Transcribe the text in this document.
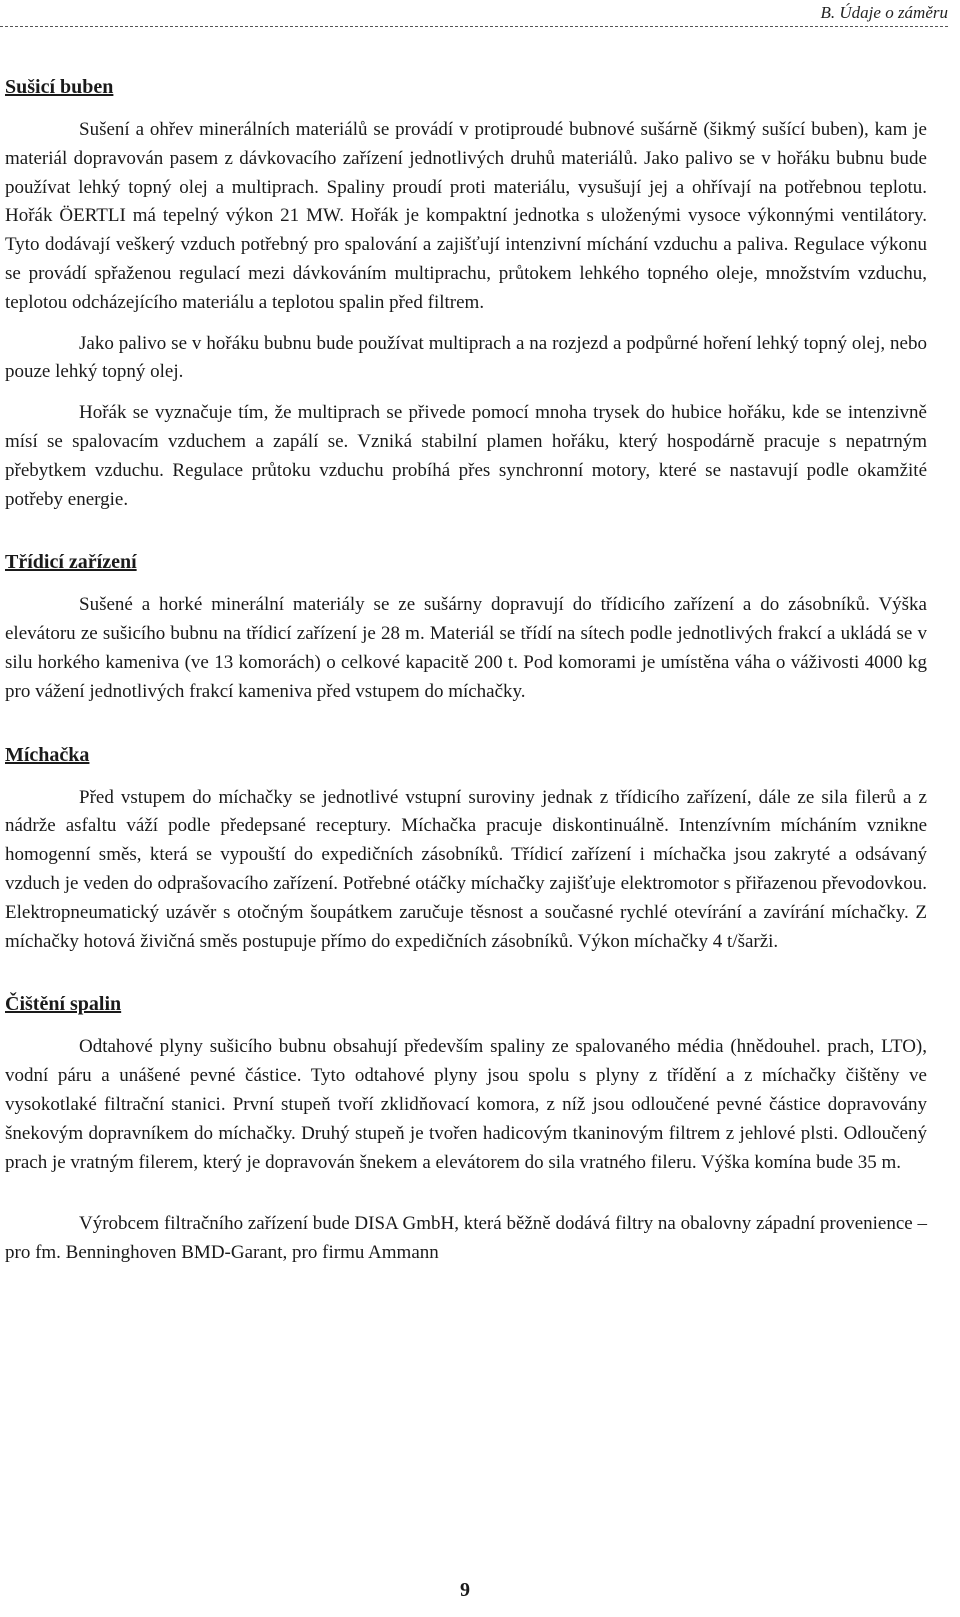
B. Údaje o záměru
Sušicí buben

Sušení a ohřev minerálních materiálů se provádí v protiproudé bubnové sušárně (šikmý sušící buben), kam je materiál dopravován pasem z dávkovacího zařízení jednotlivých druhů materiálů. Jako palivo se v hořáku bubnu bude používat lehký topný olej a multiprach. Spaliny proudí proti materiálu, vysušují jej a ohřívají na potřebnou teplotu. Hořák ÖERTLI má tepelný výkon 21 MW. Hořák je kompaktní jednotka s uloženými vysoce výkonnými ventilátory. Tyto dodávají veškerý vzduch potřebný pro spalování a zajišťují intenzivní míchání vzduchu a paliva. Regulace výkonu se provádí spřaženou regulací mezi dávkováním multiprachu, průtokem lehkého topného oleje, množstvím vzduchu, teplotou odcházejícího materiálu a teplotou spalin před filtrem.

Jako palivo se v hořáku bubnu bude používat multiprach a na rozjezd a podpůrné hoření lehký topný olej, nebo pouze lehký topný olej.

Hořák se vyznačuje tím, že multiprach se přivede pomocí mnoha trysek do hubice hořáku, kde se intenzivně mísí se spalovacím vzduchem a zapálí se. Vzniká stabilní plamen hořáku, který hospodárně pracuje s nepatrným přebytkem vzduchu. Regulace průtoku vzduchu probíhá přes synchronní motory, které se nastavují podle okamžité potřeby energie.

Třídicí zařízení

Sušené a horké minerální materiály se ze sušárny dopravují do třídicího zařízení a do zásobníků. Výška elevátoru ze sušicího bubnu na třídicí zařízení je 28 m. Materiál se třídí na sítech podle jednotlivých frakcí a ukládá se v silu horkého kameniva (ve 13 komorách) o celkové kapacitě 200 t. Pod komorami je umístěna váha o váživosti 4000 kg pro vážení jednotlivých frakcí kameniva před vstupem do míchačky.

Míchačka

Před vstupem do míchačky se jednotlivé vstupní suroviny jednak z třídicího zařízení, dále ze sila filerů a z nádrže asfaltu váží podle předepsané receptury. Míchačka pracuje diskontinuálně. Intenzívním mícháním vznikne homogenní směs, která se vypouští do expedičních zásobníků. Třídicí zařízení i míchačka jsou zakryté a odsávaný vzduch je veden do odprašovacího zařízení. Potřebné otáčky míchačky zajišťuje elektromotor s přiřazenou převodovkou. Elektropneumatický uzávěr s otočným šoupátkem zaručuje těsnost a současné rychlé otevírání a zavírání míchačky. Z míchačky hotová živičná směs postupuje přímo do expedičních zásobníků. Výkon míchačky 4 t/šarži.

Čištění spalin

Odtahové plyny sušicího bubnu obsahují především spaliny ze spalovaného média (hnědouhel. prach, LTO), vodní páru a unášené pevné částice. Tyto odtahové plyny jsou spolu s plyny z třídění a z míchačky čištěny ve vysokotlaké filtrační stanici. První stupeň tvoří zklidňovací komora, z níž jsou odloučené pevné částice dopravovány šnekovým dopravníkem do míchačky. Druhý stupeň je tvořen hadicovým tkaninovým filtrem z jehlové plsti. Odloučený prach je vratným filerem, který je dopravován šnekem a elevátorem do sila vratného fileru. Výška komína bude 35 m.

Výrobcem filtračního zařízení bude DISA GmbH, která běžně dodává filtry na obalovny západní provenience – pro fm. Benninghoven BMD-Garant, pro firmu Ammann

9
